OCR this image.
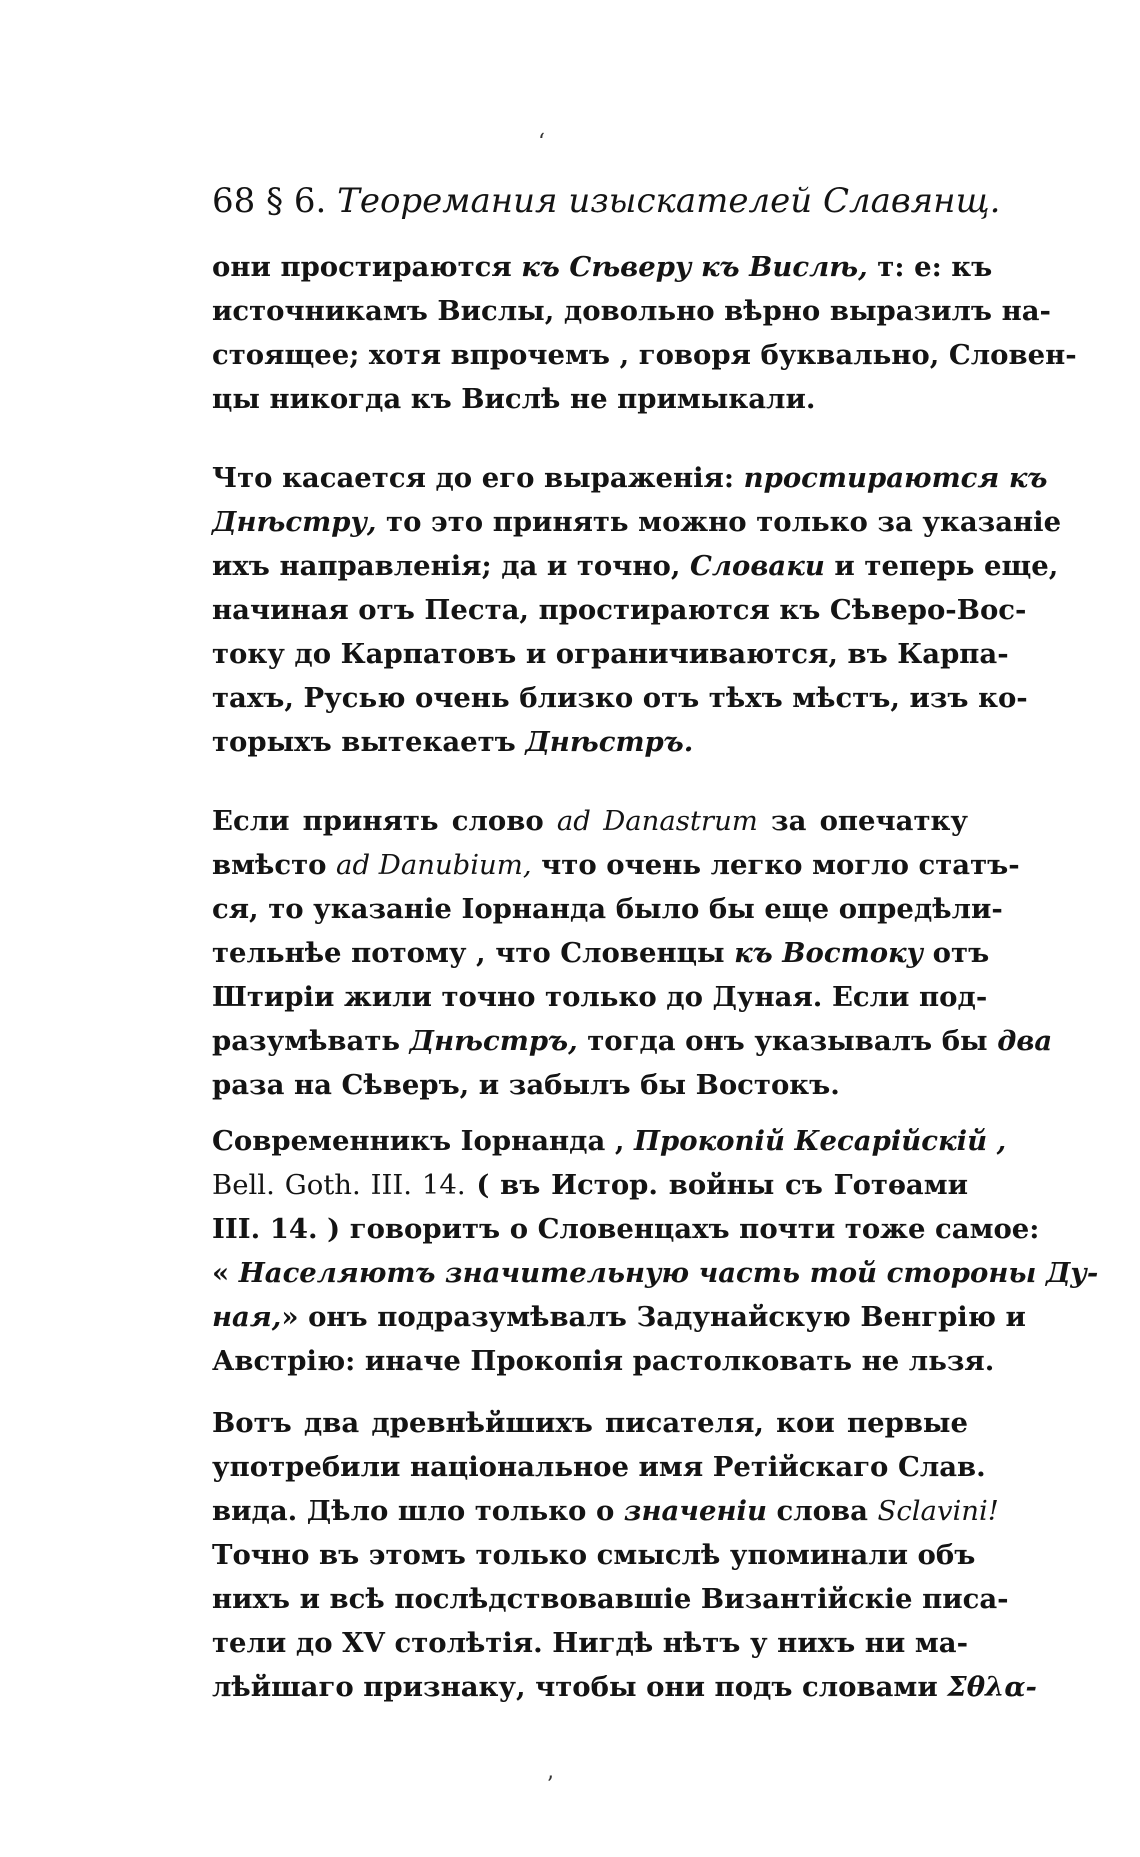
‘
68 § 6. Теоремания изыскателей Славянщ.
они простираются къ Сѣверу къ Вислѣ, т: е: къ
источникамъ Вислы, довольно вѣрно выразилъ на-
стоящее; хотя впрочемъ , говоря буквально, Словен-
цы никогда къ Вислѣ не примыкали.
Что касается до его выраженія: простираются къ
Днѣстру, то это принять можно только за указаніе
ихъ направленія; да и точно, Словаки и теперь еще,
начиная отъ Песта, простираются къ Сѣверо-Вос-
току до Карпатовъ и ограничиваются, въ Карпа-
тахъ, Русью очень близко отъ тѣхъ мѣстъ, изъ ко-
торыхъ вытекаетъ Днѣстръ.
Если принять слово ad Danastrum за опечатку
вмѣсто ad Danubium, что очень легко могло статъ-
ся, то указаніе Іорнанда было бы еще опредѣли-
тельнѣе потому , что Словенцы къ Востоку отъ
Штиріи жили точно только до Дуная. Если под-
разумѣвать Днѣстръ, тогда онъ указывалъ бы два
раза на Сѣверъ, и забылъ бы Востокъ.
Современникъ Іорнанда , Прокопій Кесарійскій ,
Bell. Goth. III. 14. ( въ Истор. войны съ Готѳами
III. 14. ) говоритъ о Словенцахъ почти тоже самое:
« Населяютъ значительную часть той стороны Ду-
ная,» онъ подразумѣвалъ Задунайскую Венгрію и
Австрію: иначе Прокопія растолковать не льзя.
Вотъ два древнѣйшихъ писателя, кои первые
употребили національное имя Ретійскаго Слав.
вида. Дѣло шло только о значеніи слова Sclavini!
Точно въ этомъ только смыслѣ упоминали объ
нихъ и всѣ послѣдствовавшіе Византійскіе писа-
тели до XV столѣтія. Нигдѣ нѣтъ у нихъ ни ма-
лѣйшаго признаку, чтобы они подъ словами Σθλα-
ʼ
